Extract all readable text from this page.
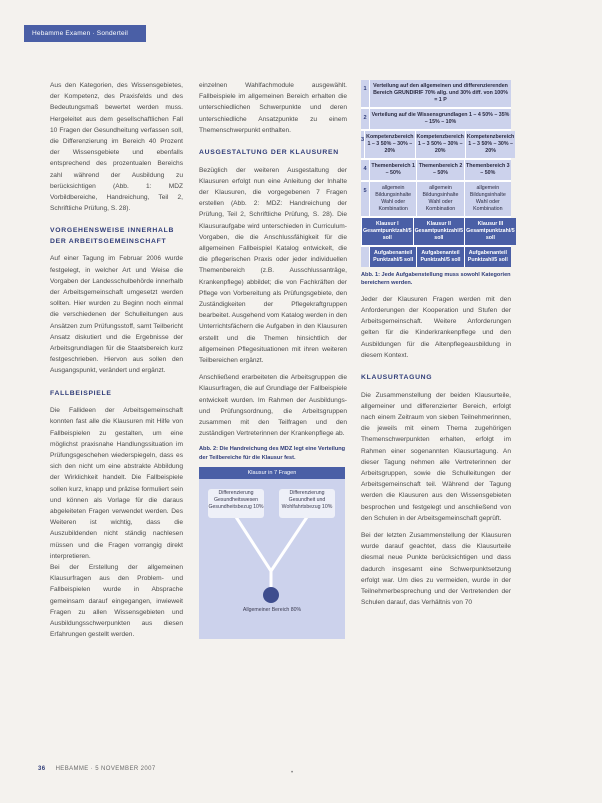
Hebamme Examen · Sonderteil

Aus den Kategorien, des Wissensgebietes, der Kompetenz, des Praxisfelds und des Bedeutungsmaß bewertet werden muss. Hergeleitet aus dem gesellschaftlichen Fall 10 Fragen der Gesundheitung verfassen soll, die Differenzierung im Bereich 40 Prozent der Wissensgebiete und ebenfalls entsprechend des prozentualen Bereichs zahl während der Ausbildung zu berücksichtigen (Abb. 1: MDZ Vorbildbereiche, Handreichung, Teil 2, Schriftliche Prüfung, S. 28).

VORGEHENSWEISE INNERHALB DER ARBEITSGEMEINSCHAFT

Auf einer Tagung im Februar 2006 wurde festgelegt, in welcher Art und Weise die Vorgaben der Landesschulbehörde innerhalb der Arbeitsgemeinschaft umgesetzt werden sollten. Hier wurden zu Beginn noch einmal die verschiedenen der Schulleitungen aus Ansätzen zum Prüfungsstoff, samt Teilbericht Ansatz diskutiert und die Ergebnisse der Arbeitsgrundlagen für die Staatsbereich kurz festgeschrieben. Hiervon aus sollen den Ausgangspunkt, verändert und ergänzt.

FALLBEISPIELE

Die Fallideen der Arbeitsgemeinschaft konnten fast alle die Klausuren mit Hilfe von Fallbeispielen zu gestalten, um eine möglichst praxisnahe Handlungssituation im Prüfungsgeschehen wiederspiegeln, dass es sich den nicht um eine abstrakte Abbildung der Wirklichkeit handelt. Die Fallbeispiele sollen kurz, knapp und präzise formuliert sein und können als Vorlage für die daraus abgeleiteten Fragen verwendet werden. Des Weiteren ist wichtig, dass die Auszubildenden nicht ständig nachlesen müssen und die Fragen vorrangig direkt interpretieren.

Bei der Erstellung der allgemeinen Klausurfragen aus den Problem- und Fallbeispielen wurde in Absprache gemeinsam darauf eingegangen, inwieweit Fragen zu allen Wissensgebieten und Ausbildungsschwerpunkten aus diesen Erfahrungen gestellt werden.

einzelnen Wahlfachmodule ausgewählt. Fallbeispiele im allgemeinen Bereich erhalten die unterschiedlichen Schwerpunkte und deren unterschiedliche Ansatzpunkte zu einem Themenschwerpunkt enthalten.

AUSGESTALTUNG DER KLAUSUREN

Bezüglich der weiteren Ausgestaltung der Klausuren erfolgt nun eine Anleitung der Inhalte der Klausuren, die vorgegebenen 7 Fragen erstellen (Abb. 2: MDZ: Handreichung der Prüfung, Teil 2, Schriftliche Prüfung, S. 28). Die Klausuraufgabe wird unterschieden in Curriculum-Vorgaben, die die Anschlussfähigkeit für die allgemeinen Fallbeispiel Katalog entwickelt, die die pflegerischen Praxis oder jeder individuellen Themenbereich (z.B. Ausschlussanträge, Krankenpflege) abbildet; die von Fachkräften der Pflege von Vorbereitung als Prüfungsgebiete, den Zuständigkeiten der Pflegekraftgruppen bearbeitet. Ausgehend vom Katalog werden in den Unterrichtsfächern die Aufgaben in den Klausuren erstellt und die Themen hinsichtlich der allgemeinen Pflegesituationen mit ihren weiteren Teilbereichen ergänzt.

Anschließend erarbeiteten die Arbeitsgruppen die Klausurfragen, die auf Grundlage der Fallbeispiele entwickelt wurden. Im Rahmen der Ausbildungs- und Prüfungsordnung, die Arbeitsgruppen zusammen mit den Teilfragen und den zuständigen Vertreterinnen der Krankenpflege ab.

Abb. 2: Die Handreichung des MDZ legt eine Verteilung der Teilbereiche für die Klausur fest.
Klausur in 7 Fragen
Differenzierung Gesundheitswesen Gesundheitsbezug 10%
Differenzierung Gesundheit und Wohlfahrtsbezug 10%
Allgemeiner Bereich 80%
1	Verteilung auf den allgemeinen und differenzierenden Bereich GRUNDIRIF 70% allg. und 30% diff. von 100% = 1 P
2 Verteilung auf die Wissensgrundlagen 1 – 4 50% – 35% – 15% – 10%
3 Kompetenzbereich 1 – 3 50% – 30% – 20%
Kompetenzbereich 1 – 3 50% – 30% – 20%
Kompetenzbereich 1 – 3 50% – 30% – 20%
4 Themenbereich 1 – 50%
Themenbereich 2 – 50%
Themenbereich 3 – 50%
5	allgemein Bildungsinhalte Wahl oder Kombination
allgemein Bildungsinhalte Wahl oder Kombination
allgemein Bildungsinhalte Wahl oder Kombination
Klausur I Gesamtpunktzahl/5 soll
Klausur II Gesamtpunktzahl/5 soll
Klausur III Gesamtpunktzahl/5 soll
Aufgabenanteil Punktzahl/5 soll
Aufgabenanteil Punktzahl/5 soll
Aufgabenanteil Punktzahl/5 soll
Abb. 1: Jede Aufgabenstellung muss sowohl Kategorien bereichern werden.

Jeder der Klausuren Fragen werden mit den Anforderungen der Kooperation und Stufen der Arbeitsgemeinschaft. Weitere Anforderungen gelten für die Kinderkrankenpflege und den Ausbildungen für die Altenpflegeausbildung in diesem Kontext.

KLAUSURTAGUNG

Die Zusammenstellung der beiden Klausurteile, allgemeiner und differenzierter Bereich, erfolgt nach einem Zeitraum von sieben Teilnehmerinnen, die jeweils mit einem Thema zugehörigen Themenschwerpunkten erhalten, erfolgt im Rahmen einer sogenannten Klausurtagung. An dieser Tagung nehmen alle Vertreterinnen der Arbeitsgruppen, sowie die Schulleitungen der Arbeitsgemeinschaft teil. Während der Tagung werden die Klausuren aus den Wissensgebieten besprochen und festgelegt und anschließend von den Schulen in der Arbeitsgemeinschaft geprüft.

Bei der letzten Zusammenstellung der Klausuren wurde darauf geachtet, dass die Klausurteile diesmal neue Punkte berücksichtigen und dass dadurch insgesamt eine Schwerpunktsetzung erfolgt war. Um dies zu vermeiden, wurde in der Teilnehmerbesprechung und der Vertretenden der Schulen darauf, das Verhältnis von 70

36 HEBAMME · 5 NOVEMBER 2007
•
